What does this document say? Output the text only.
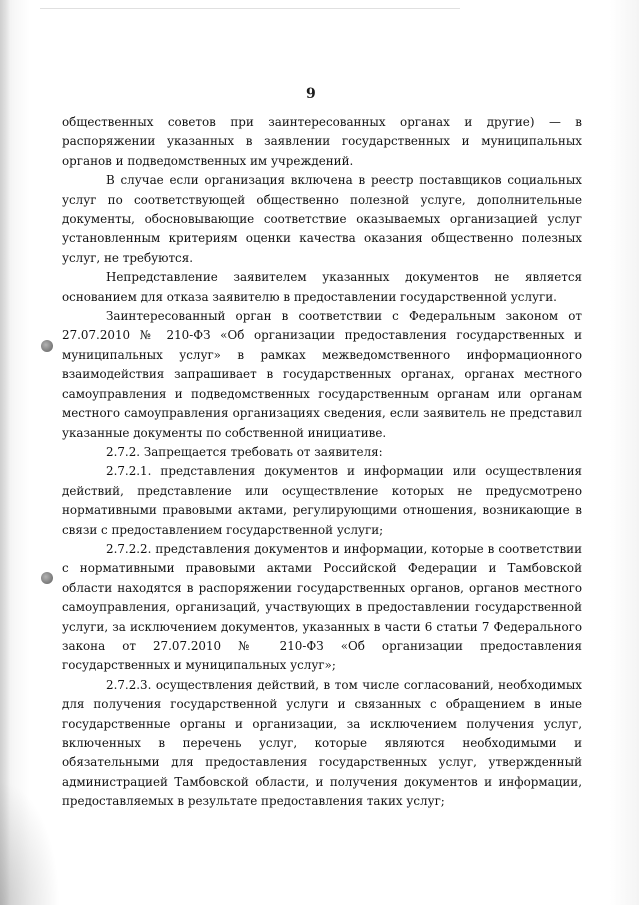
9

общественных советов при заинтересованных органах и другие) — в распоряжении указанных в заявлении государственных и муниципальных органов и подведомственных им учреждений.

В случае если организация включена в реестр поставщиков социальных услуг по соответствующей общественно полезной услуге, дополнительные документы, обосновывающие соответствие оказываемых организацией услуг установленным критериям оценки качества оказания общественно полезных услуг, не требуются.

Непредставление заявителем указанных документов не является основанием для отказа заявителю в предоставлении государственной услуги.

Заинтересованный орган в соответствии с Федеральным законом от 27.07.2010 № 210-ФЗ «Об организации предоставления государственных и муниципальных услуг» в рамках межведомственного информационного взаимодействия запрашивает в государственных органах, органах местного самоуправления и подведомственных государственным органам или органам местного самоуправления организациях сведения, если заявитель не представил указанные документы по собственной инициативе.

2.7.2. Запрещается требовать от заявителя:

2.7.2.1. представления документов и информации или осуществления действий, представление или осуществление которых не предусмотрено нормативными правовыми актами, регулирующими отношения, возникающие в связи с предоставлением государственной услуги;

2.7.2.2. представления документов и информации, которые в соответствии с нормативными правовыми актами Российской Федерации и Тамбовской области находятся в распоряжении государственных органов, органов местного самоуправления, организаций, участвующих в предоставлении государственной услуги, за исключением документов, указанных в части 6 статьи 7 Федерального закона от 27.07.2010 № 210-ФЗ «Об организации предоставления государственных и муниципальных услуг»;

2.7.2.3. осуществления действий, в том числе согласований, необходимых для получения государственной услуги и связанных с обращением в иные государственные органы и организации, за исключением получения услуг, включенных в перечень услуг, которые являются необходимыми и обязательными для предоставления государственных услуг, утвержденный администрацией Тамбовской области, и получения документов и информации, предоставляемых в результате предоставления таких услуг;
